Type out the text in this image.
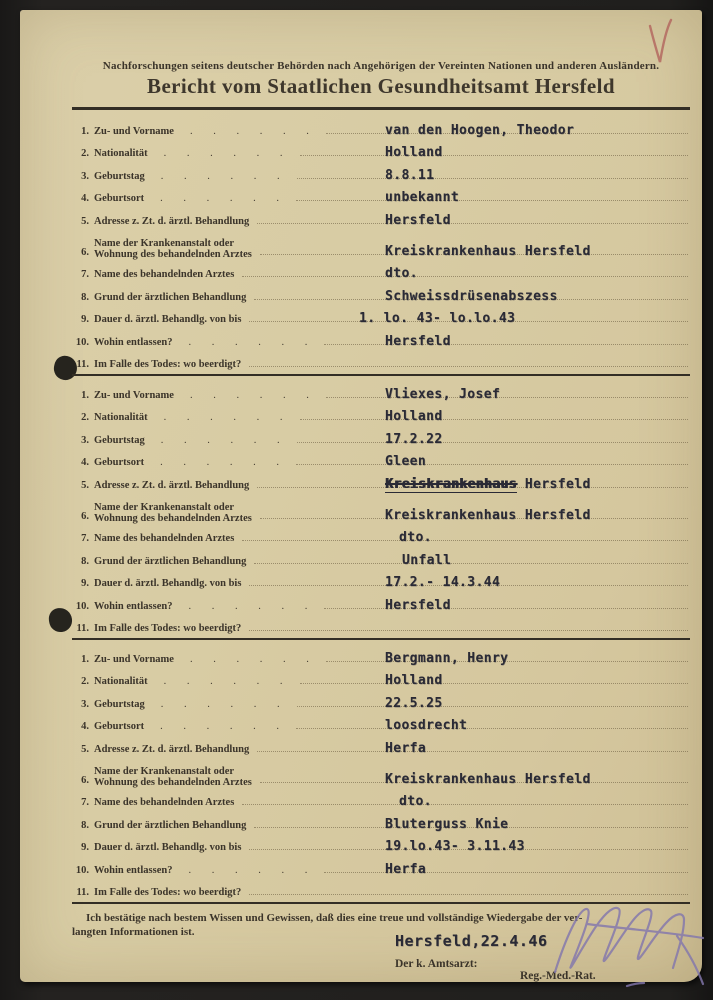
Nachforschungen seitens deutscher Behörden nach Angehörigen der Vereinten Nationen und anderen Ausländern.
Bericht vom Staatlichen Gesundheitsamt Hersfeld
1. Zu- und Vorname	. . . . . .	van den Hoogen, Theodor
2. Nationalität	. . . . . .	Holland
3. Geburtstag	. . . . . .	8.8.11
4. Geburtsort	. . . . . .	unbekannt
5. Adresse z. Zt. d. ärztl. Behandlung	Hersfeld
6.
Name der Krankenanstalt oder
Wohnung des behandelnden Arztes	Kreiskrankenhaus Hersfeld
7. Name des behandelnden Arztes	dto.
8. Grund der ärztlichen Behandlung	Schweissdrüsenabszess
9. Dauer d. ärztl. Behandlg. von bis	1. lo. 43- lo.lo.43
10. Wohin entlassen?	. . . . . .	Hersfeld
11. Im Falle des Todes: wo beerdigt?
1. Zu- und Vorname	. . . . . .	Vliexes, Josef
2. Nationalität	. . . . . .	Holland
3. Geburtstag	. . . . . .	17.2.22
4. Geburtsort	. . . . . .	Gleen
5. Adresse z. Zt. d. ärztl. Behandlung	Kreiskrankenhaus Hersfeld
6.
Name der Krankenanstalt oder
Wohnung des behandelnden Arztes	Kreiskrankenhaus Hersfeld
7. Name des behandelnden Arztes	dto.
8. Grund der ärztlichen Behandlung	Unfall
9. Dauer d. ärztl. Behandlg. von bis	17.2.- 14.3.44
10. Wohin entlassen?	. . . . . .	Hersfeld
11. Im Falle des Todes: wo beerdigt?
1. Zu- und Vorname	. . . . . .	Bergmann, Henry
2. Nationalität	. . . . . .	Holland
3. Geburtstag	. . . . . .	22.5.25
4. Geburtsort	. . . . . .	loosdrecht
5. Adresse z. Zt. d. ärztl. Behandlung	Herfa
6.
Name der Krankenanstalt oder
Wohnung des behandelnden Arztes	Kreiskrankenhaus Hersfeld
7. Name des behandelnden Arztes	dto.
8. Grund der ärztlichen Behandlung	Bluterguss Knie
9. Dauer d. ärztl. Behandlg. von bis	19.lo.43- 3.11.43
10. Wohin entlassen?	. . . . . .	Herfa
11. Im Falle des Todes: wo beerdigt?
Ich bestätige nach bestem Wissen und Gewissen, daß dies eine treue und vollständige Wiedergabe der ver-
langten Informationen ist.
Hersfeld,22.4.46
Der k. Amtsarzt:
Reg.-Med.-Rat.
